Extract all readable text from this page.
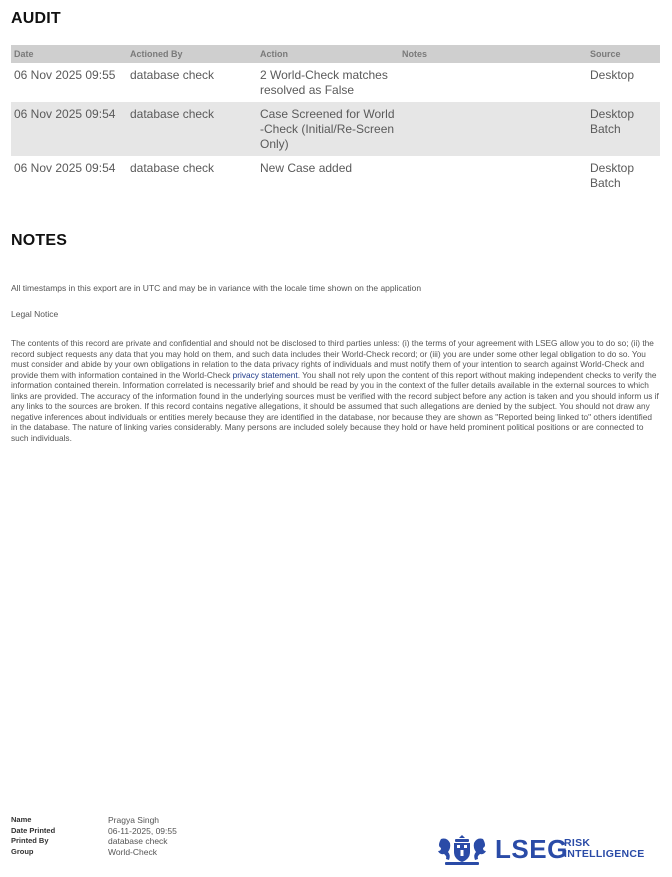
AUDIT
Date	Actioned By	Action	Notes	Source
06 Nov 2025 09:55	database check	2 World-Check matches resolved as False		Desktop
06 Nov 2025 09:54	database check	Case Screened for World-Check (Initial/Re-Screen Only)		Desktop Batch
06 Nov 2025 09:54	database check	New Case added		Desktop Batch
NOTES
All timestamps in this export are in UTC and may be in variance with the locale time shown on the application
Legal Notice
The contents of this record are private and confidential and should not be disclosed to third parties unless: (i) the terms of your agreement with LSEG allow you to do so; (ii) the record subject requests any data that you may hold on them, and such data includes their World-Check record; or (iii) you are under some other legal obligation to do so. You must consider and abide by your own obligations in relation to the data privacy rights of individuals and must notify them of your intention to search against World-Check and provide them with information contained in the World-Check privacy statement. You shall not rely upon the content of this report without making independent checks to verify the information contained therein. Information correlated is necessarily brief and should be read by you in the context of the fuller details available in the external sources to which links are provided. The accuracy of the information found in the underlying sources must be verified with the record subject before any action is taken and you should inform us if any links to the sources are broken. If this record contains negative allegations, it should be assumed that such allegations are denied by the subject. You should not draw any negative inferences about individuals or entities merely because they are identified in the database, nor because they are shown as "Reported being linked to" others identified in the database. The nature of linking varies considerably. Many persons are included solely because they hold or have held prominent political positions or are connected to such individuals.
Name	Pragya Singh
Date Printed	06-11-2025, 09:55
Printed By	database check
Group	World-Check	LSEG
RISK
INTELLIGENCE
